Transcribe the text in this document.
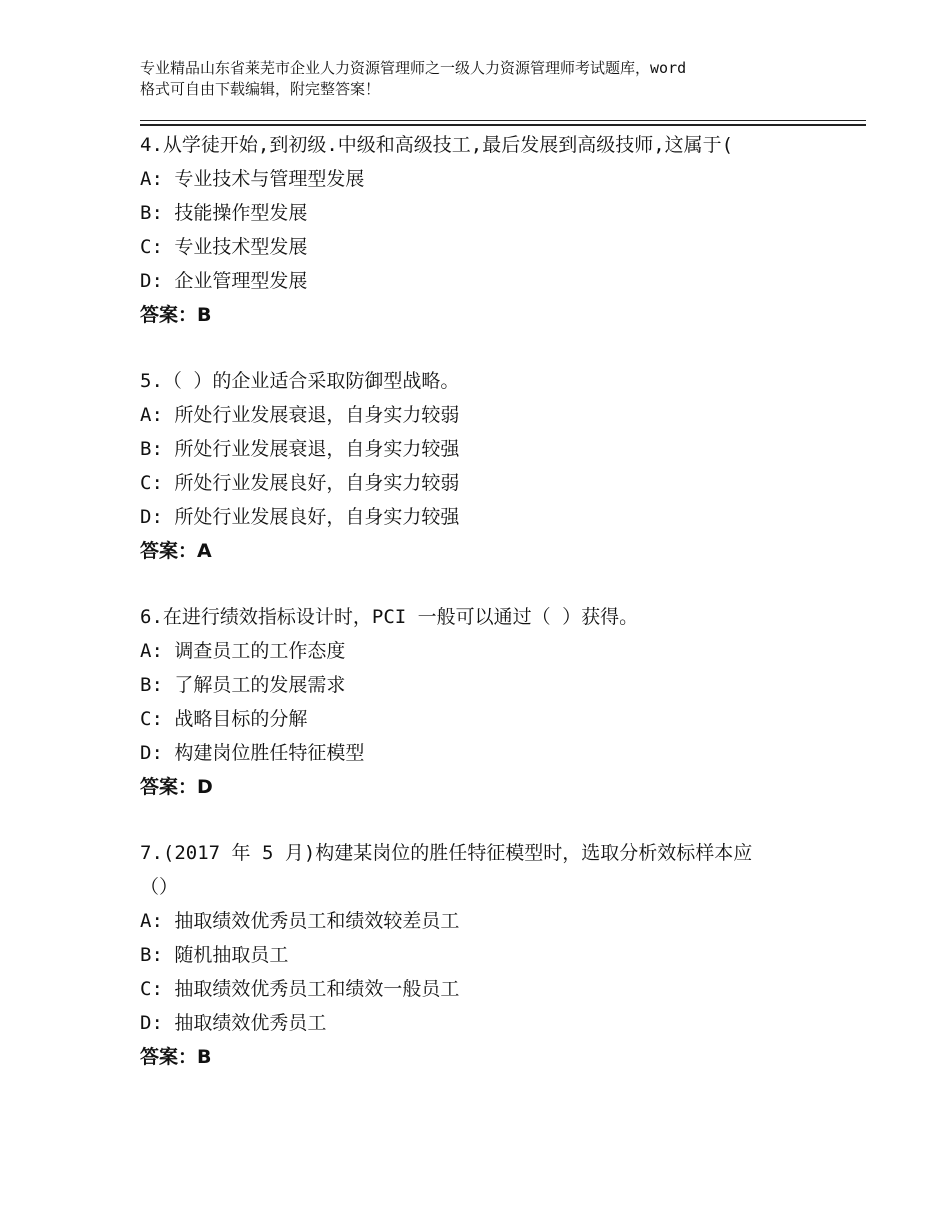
专业精品山东省莱芜市企业人力资源管理师之一级人力资源管理师考试题库，word
格式可自由下载编辑，附完整答案！
4.从学徒开始,到初级.中级和高级技工,最后发展到高级技师,这属于(
A: 专业技术与管理型发展
B: 技能操作型发展
C: 专业技术型发展
D: 企业管理型发展
答案：B
5.（ ）的企业适合采取防御型战略。
A: 所处行业发展衰退，自身实力较弱
B: 所处行业发展衰退，自身实力较强
C: 所处行业发展良好，自身实力较弱
D: 所处行业发展良好，自身实力较强
答案：A
6.在进行绩效指标设计时，PCI 一般可以通过（ ）获得。
A: 调查员工的工作态度
B: 了解员工的发展需求
C: 战略目标的分解
D: 构建岗位胜任特征模型
答案：D
7.(2017 年 5 月)构建某岗位的胜任特征模型时，选取分析效标样本应
（）
A: 抽取绩效优秀员工和绩效较差员工
B: 随机抽取员工
C: 抽取绩效优秀员工和绩效一般员工
D: 抽取绩效优秀员工
答案：B
